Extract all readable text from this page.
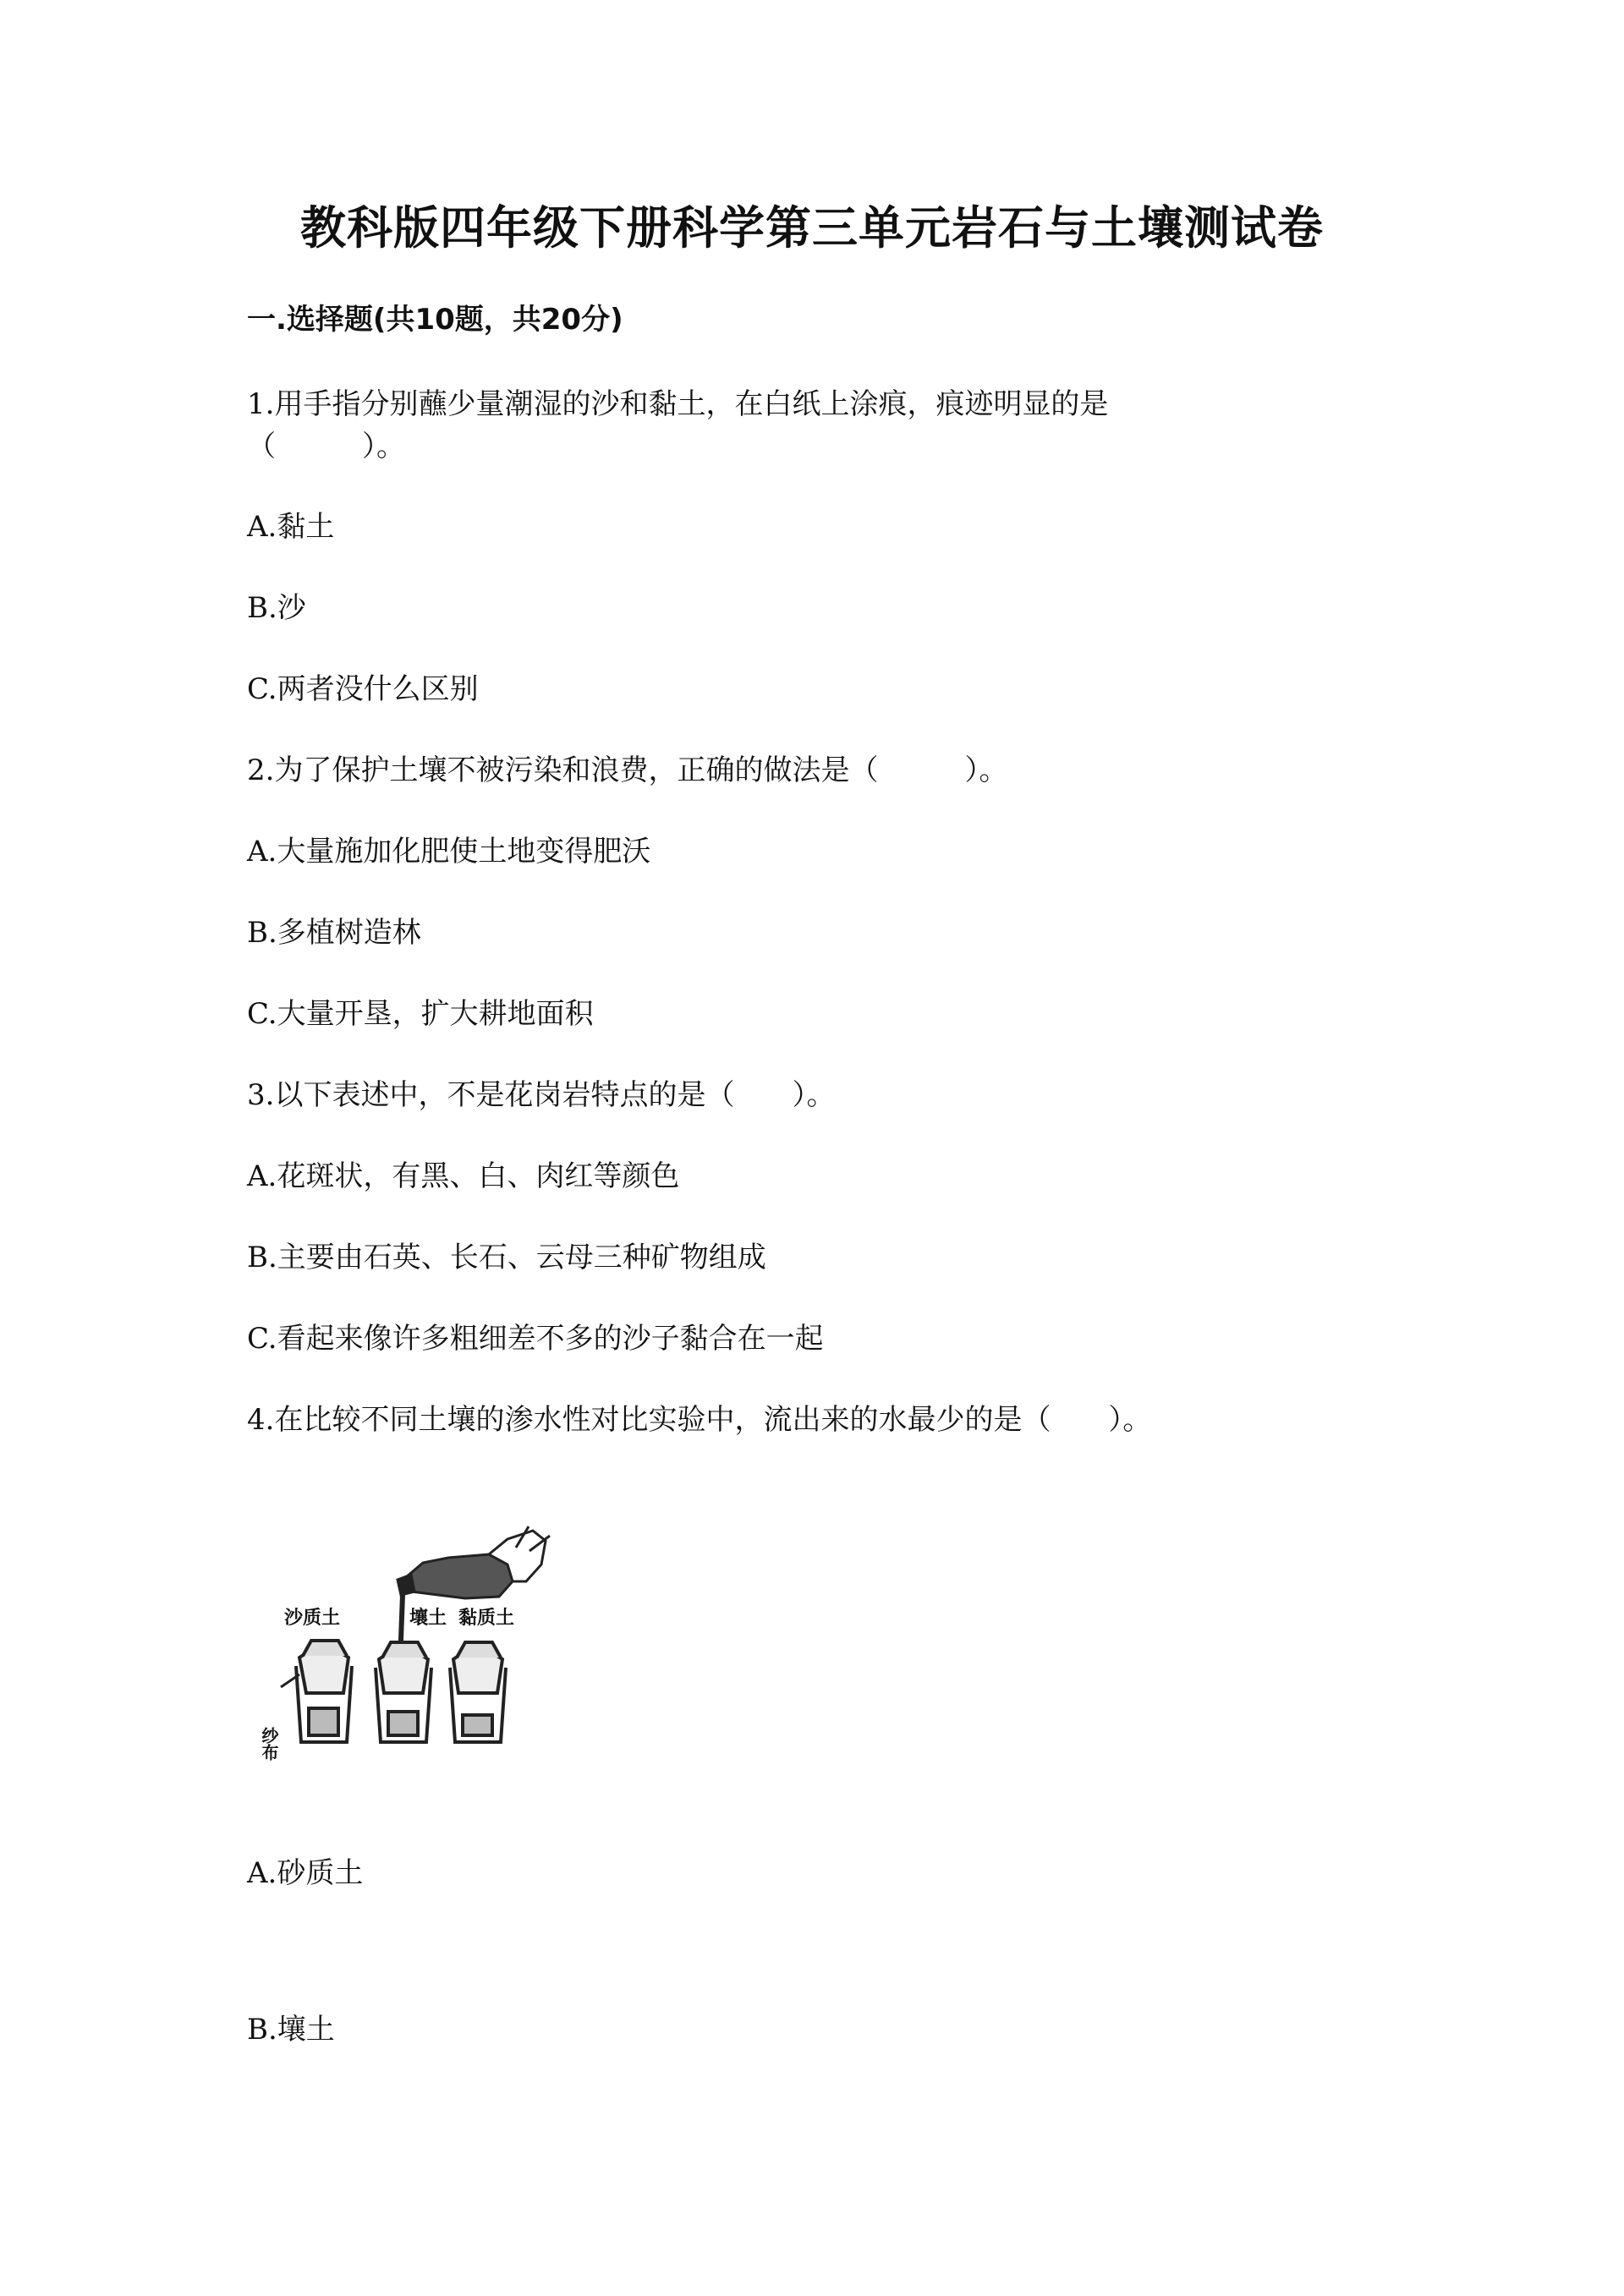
教科版四年级下册科学第三单元岩石与土壤测试卷
一.选择题(共10题，共20分)

1.用手指分别蘸少量潮湿的沙和黏土，在白纸上涂痕，痕迹明显的是

（　　　）。

A.黏土

B.沙

C.两者没什么区别

2.为了保护土壤不被污染和浪费，正确的做法是（　　　）。

A.大量施加化肥使土地变得肥沃

B.多植树造林

C.大量开垦，扩大耕地面积

3.以下表述中，不是花岗岩特点的是（　　）。

A.花斑状，有黑、白、肉红等颜色

B.主要由石英、长石、云母三种矿物组成

C.看起来像许多粗细差不多的沙子黏合在一起

4.在比较不同土壤的渗水性对比实验中，流出来的水最少的是（　　）。

沙质土	壤土 黏质土
纱布

A.砂质土

B.壤土
